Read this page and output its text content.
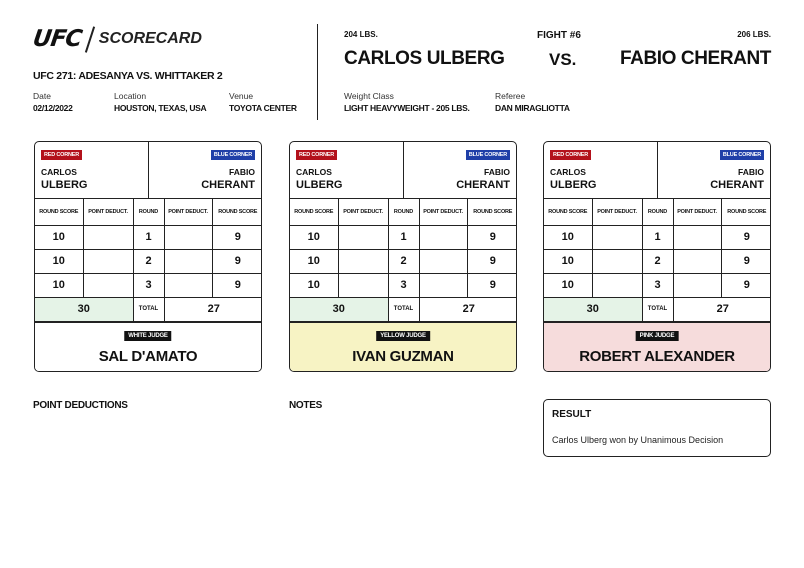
UFC SCORECARD
UFC 271: ADESANYA VS. WHITTAKER 2
Date
02/12/2022
Location
HOUSTON, TEXAS, USA
Venue
TOYOTA CENTER
204 LBS.	FIGHT #6	206 LBS.
CARLOS ULBERG	VS. FABIO CHERANT
Weight Class
LIGHT HEAVYWEIGHT - 205 LBS.
Referee
DAN MIRAGLIOTTA
RED CORNER	BLUE CORNER
CARLOS
ULBERG
FABIO
CHERANT
ROUND SCORE	POINT DEDUCT.	ROUND	POINT DEDUCT.	ROUND SCORE
10		1		9
10		2		9
10		3		9
30		TOTAL	27	
WHITE JUDGE
SAL D'AMATO
RED CORNER	BLUE CORNER
CARLOS
ULBERG
FABIO
CHERANT
ROUND SCORE	POINT DEDUCT.	ROUND	POINT DEDUCT.	ROUND SCORE
10		1		9
10		2		9
10		3		9
30		TOTAL	27	
YELLOW JUDGE
IVAN GUZMAN
RED CORNER	BLUE CORNER
CARLOS
ULBERG
FABIO
CHERANT
ROUND SCORE	POINT DEDUCT.	ROUND	POINT DEDUCT.	ROUND SCORE
10		1		9
10		2		9
10		3		9
30		TOTAL	27	
PINK JUDGE
ROBERT ALEXANDER
POINT DEDUCTIONS	NOTES
RESULT
Carlos Ulberg won by Unanimous Decision
